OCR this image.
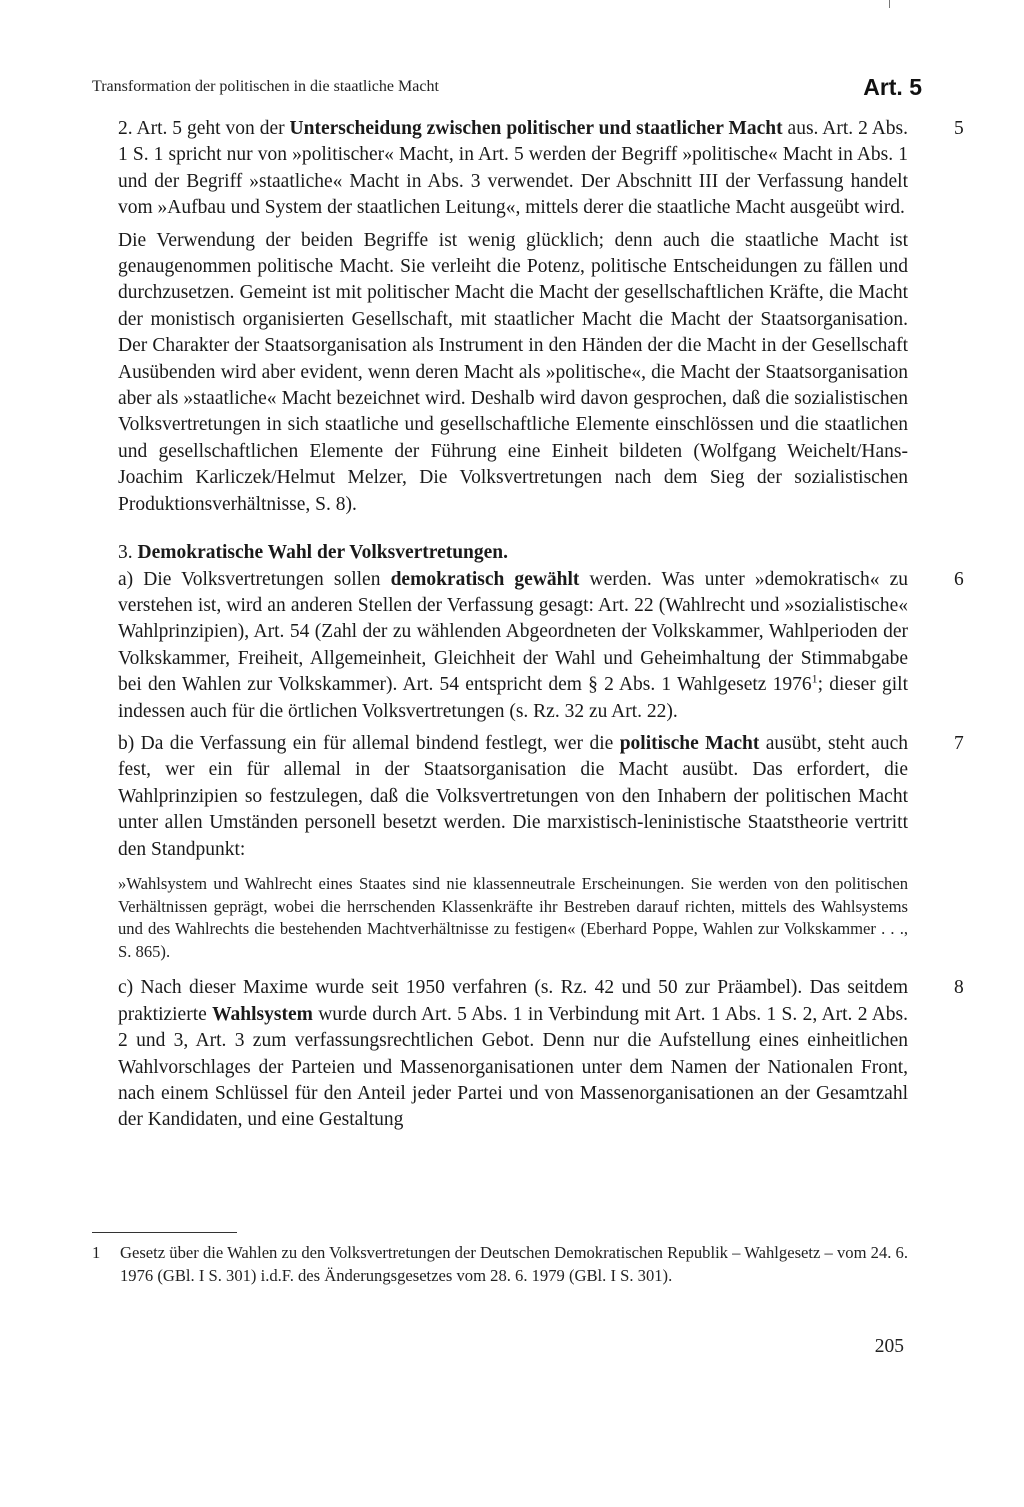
Transformation der politischen in die staatliche Macht	Art. 5

5
2. Art. 5 geht von der Unterscheidung zwischen politischer und staatlicher Macht aus. Art. 2 Abs. 1 S. 1 spricht nur von »politischer« Macht, in Art. 5 werden der Begriff »politische« Macht in Abs. 1 und der Begriff »staatliche« Macht in Abs. 3 verwendet. Der Abschnitt III der Verfassung handelt vom »Aufbau und System der staatlichen Leitung«, mittels derer die staatliche Macht ausgeübt wird.

Die Verwendung der beiden Begriffe ist wenig glücklich; denn auch die staatliche Macht ist genaugenommen politische Macht. Sie verleiht die Potenz, politische Entscheidungen zu fällen und durchzusetzen. Gemeint ist mit politischer Macht die Macht der gesellschaftlichen Kräfte, die Macht der monistisch organisierten Gesellschaft, mit staatlicher Macht die Macht der Staatsorganisation. Der Charakter der Staatsorganisation als Instrument in den Händen der die Macht in der Gesellschaft Ausübenden wird aber evident, wenn deren Macht als »politische«, die Macht der Staatsorganisation aber als »staatliche« Macht bezeichnet wird. Deshalb wird davon gesprochen, daß die sozialistischen Volksvertretungen in sich staatliche und gesellschaftliche Elemente einschlössen und die staatlichen und gesellschaftlichen Elemente der Führung eine Einheit bildeten (Wolfgang Weichelt/Hans-Joachim Karliczek/Helmut Melzer, Die Volksvertretungen nach dem Sieg der sozialistischen Produktionsverhältnisse, S. 8).

3. Demokratische Wahl der Volksvertretungen.

6
a) Die Volksvertretungen sollen demokratisch gewählt werden. Was unter »demokratisch« zu verstehen ist, wird an anderen Stellen der Verfassung gesagt: Art. 22 (Wahlrecht und »sozialistische« Wahlprinzipien), Art. 54 (Zahl der zu wählenden Abgeordneten der Volkskammer, Wahlperioden der Volkskammer, Freiheit, Allgemeinheit, Gleichheit der Wahl und Geheimhaltung der Stimmabgabe bei den Wahlen zur Volkskammer). Art. 54 entspricht dem § 2 Abs. 1 Wahlgesetz 1976$^1$; dieser gilt indessen auch für die örtlichen Volksvertretungen (s. Rz. 32 zu Art. 22).

7
b) Da die Verfassung ein für allemal bindend festlegt, wer die politische Macht ausübt, steht auch fest, wer ein für allemal in der Staatsorganisation die Macht ausübt. Das erfordert, die Wahlprinzipien so festzulegen, daß die Volksvertretungen von den Inhabern der politischen Macht unter allen Umständen personell besetzt werden. Die marxistisch-leninistische Staatstheorie vertritt den Standpunkt:

»Wahlsystem und Wahlrecht eines Staates sind nie klassenneutrale Erscheinungen. Sie werden von den politischen Verhältnissen geprägt, wobei die herrschenden Klassenkräfte ihr Bestreben darauf richten, mittels des Wahlsystems und des Wahlrechts die bestehenden Machtverhältnisse zu festigen« (Eberhard Poppe, Wahlen zur Volkskammer . . ., S. 865).

8
c) Nach dieser Maxime wurde seit 1950 verfahren (s. Rz. 42 und 50 zur Präambel). Das seitdem praktizierte Wahlsystem wurde durch Art. 5 Abs. 1 in Verbindung mit Art. 1 Abs. 1 S. 2, Art. 2 Abs. 2 und 3, Art. 3 zum verfassungsrechtlichen Gebot. Denn nur die Aufstellung eines einheitlichen Wahlvorschlages der Parteien und Massenorganisationen unter dem Namen der Nationalen Front, nach einem Schlüssel für den Anteil jeder Partei und von Massenorganisationen an der Gesamtzahl der Kandidaten, und eine Gestaltung

1 Gesetz über die Wahlen zu den Volksvertretungen der Deutschen Demokratischen Republik – Wahlgesetz – vom 24. 6. 1976 (GBl. I S. 301) i.d.F. des Änderungsgesetzes vom 28. 6. 1979 (GBl. I S. 301).
205
